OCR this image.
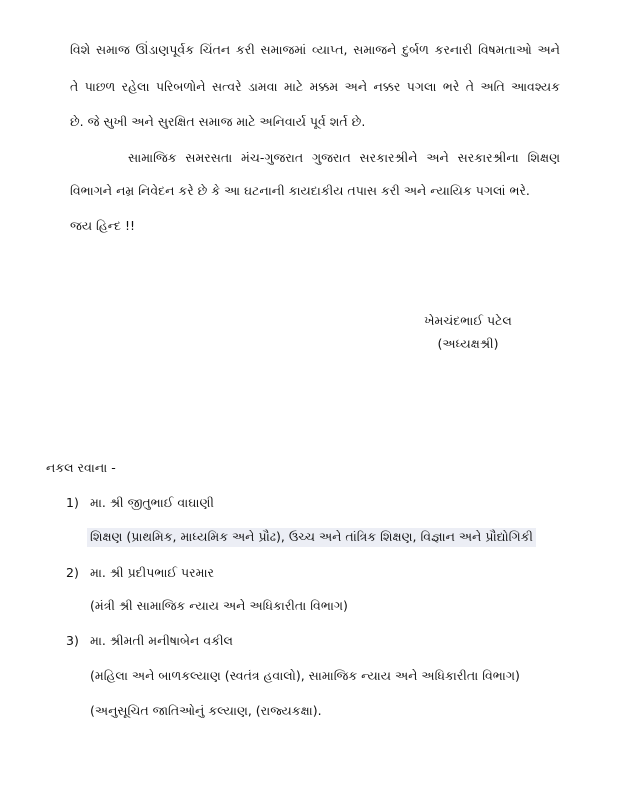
વિશે સમાજ ઊંડાણપૂર્વક ચિંતન કરી સમાજમાં વ્યાપ્ત, સમાજને દુર્બળ કરનારી વિષમતાઓ અને
તે પાછળ રહેલા પરિબળોને સત્વરે ડામવા માટે મક્કમ અને નક્કર પગલા ભરે તે અતિ આવશ્યક
છે. જે સુખી અને સુરક્ષિત સમાજ માટે અનિવાર્ય પૂર્વ શર્ત છે.
સામાજિક સમરસતા મંચ-ગુજરાત ગુજરાત સરકારશ્રીને અને સરકારશ્રીના શિક્ષણ
વિભાગને નમ્ર નિવેદન કરે છે કે આ ઘટનાની કાયદાકીય તપાસ કરી અને ન્યાયિક પગલાં ભરે.
જય હિન્દ !!
ખેમચંદભાઈ પટેલ
(અધ્યક્ષશ્રી)
નકલ રવાના -
1) મા. શ્રી જીતુભાઈ વાઘાણી
શિક્ષણ (પ્રાથમિક, માધ્યમિક અને પ્રૌઢ), ઉચ્ચ અને તાંત્રિક શિક્ષણ, વિજ્ઞાન અને પ્રૌદ્યોગિકી
2) મા. શ્રી પ્રદીપભાઈ પરમાર
(મંત્રી શ્રી સામાજિક ન્યાય અને અધિકારીતા વિભાગ)
3) મા. શ્રીમતી મનીષાબેન વકીલ
(મહિલા અને બાળકલ્યાણ (સ્વતંત્ર હવાલો), સામાજિક ન્યાય અને અધિકારીતા વિભાગ)
(અનુસૂચિત જાતિઓનું કલ્યાણ, (રાજ્યકક્ષા).
